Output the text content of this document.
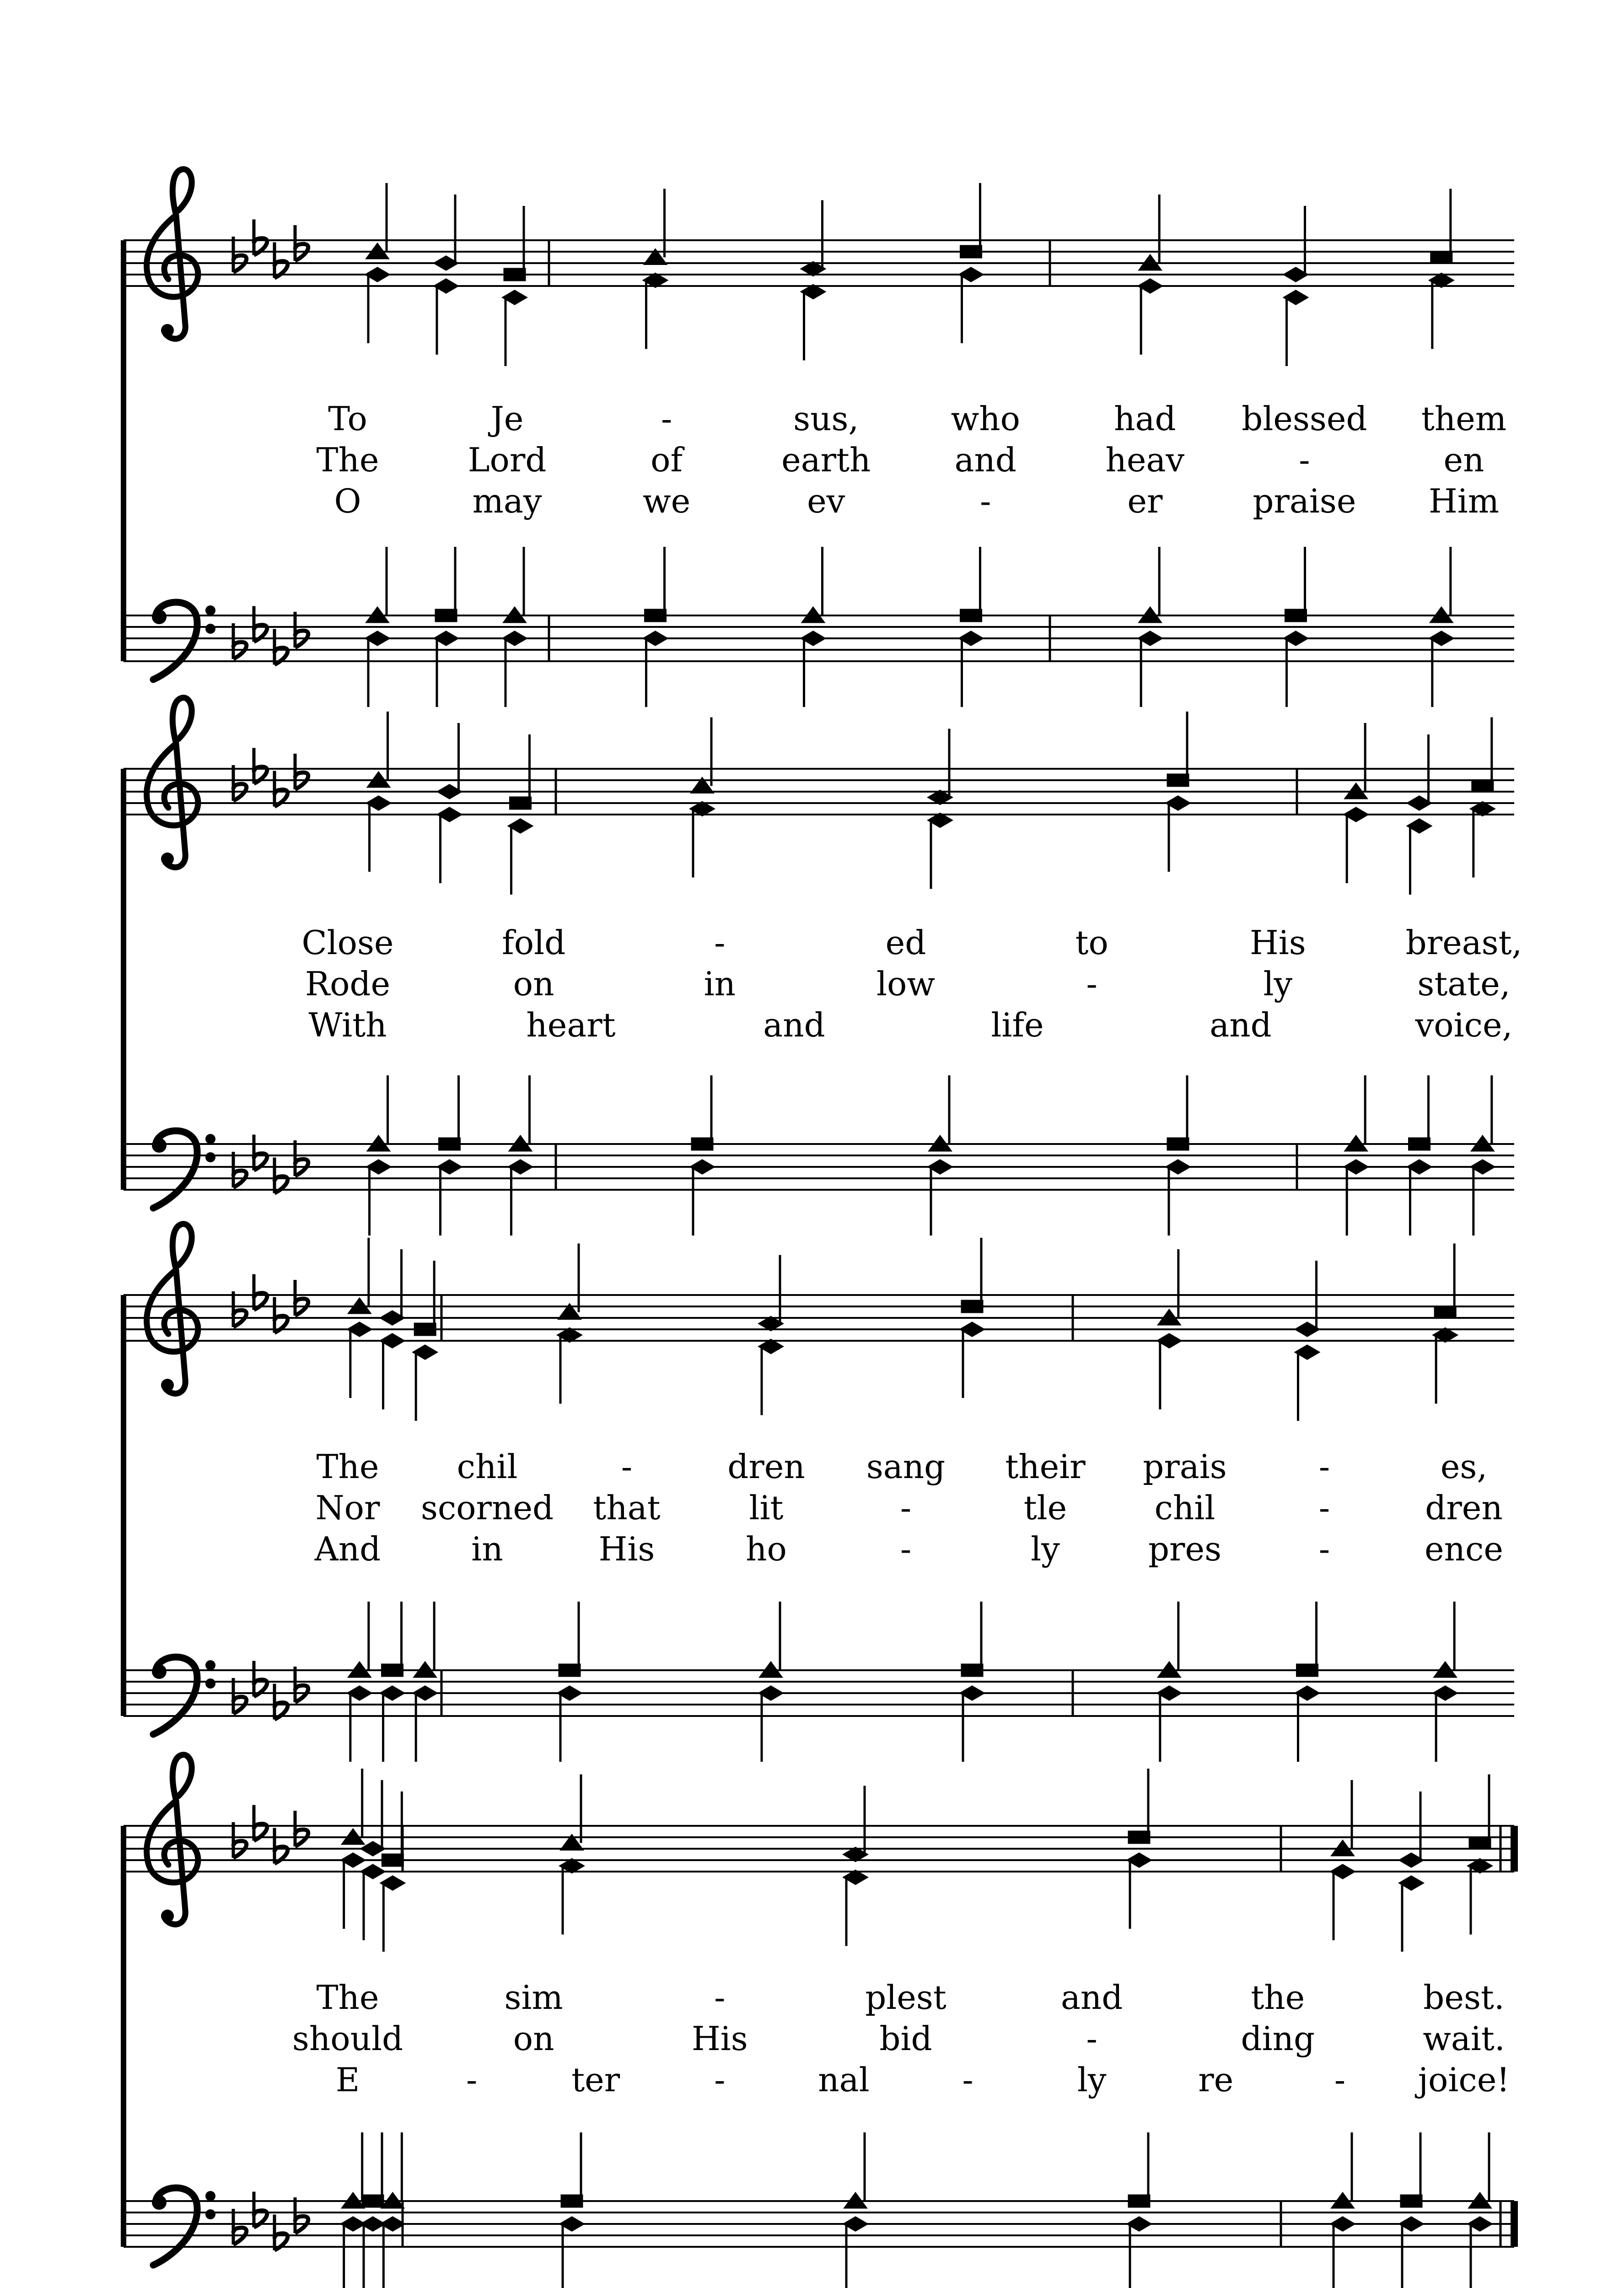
To	Je	-	sus,	who	had blessed them
The	Lord	of	earth	and	heav	-	en
O	may	we	ev	-	er	praise Him
Close	fold	-	ed	to	His	breast,
Rode	on	in	low	-	ly	state,
With	heart	and	life	and	voice,
The chil	-	dren sang their prais	-	es,
Nor scorned that	lit	-	tle	chil	-	dren
And	in	His	ho	-	ly	pres	-	ence
The	sim	-	plest	and	the	best.
should	on	His	bid	-	ding	wait.
E	-	ter	-	nal	-	ly	re	- joice!
